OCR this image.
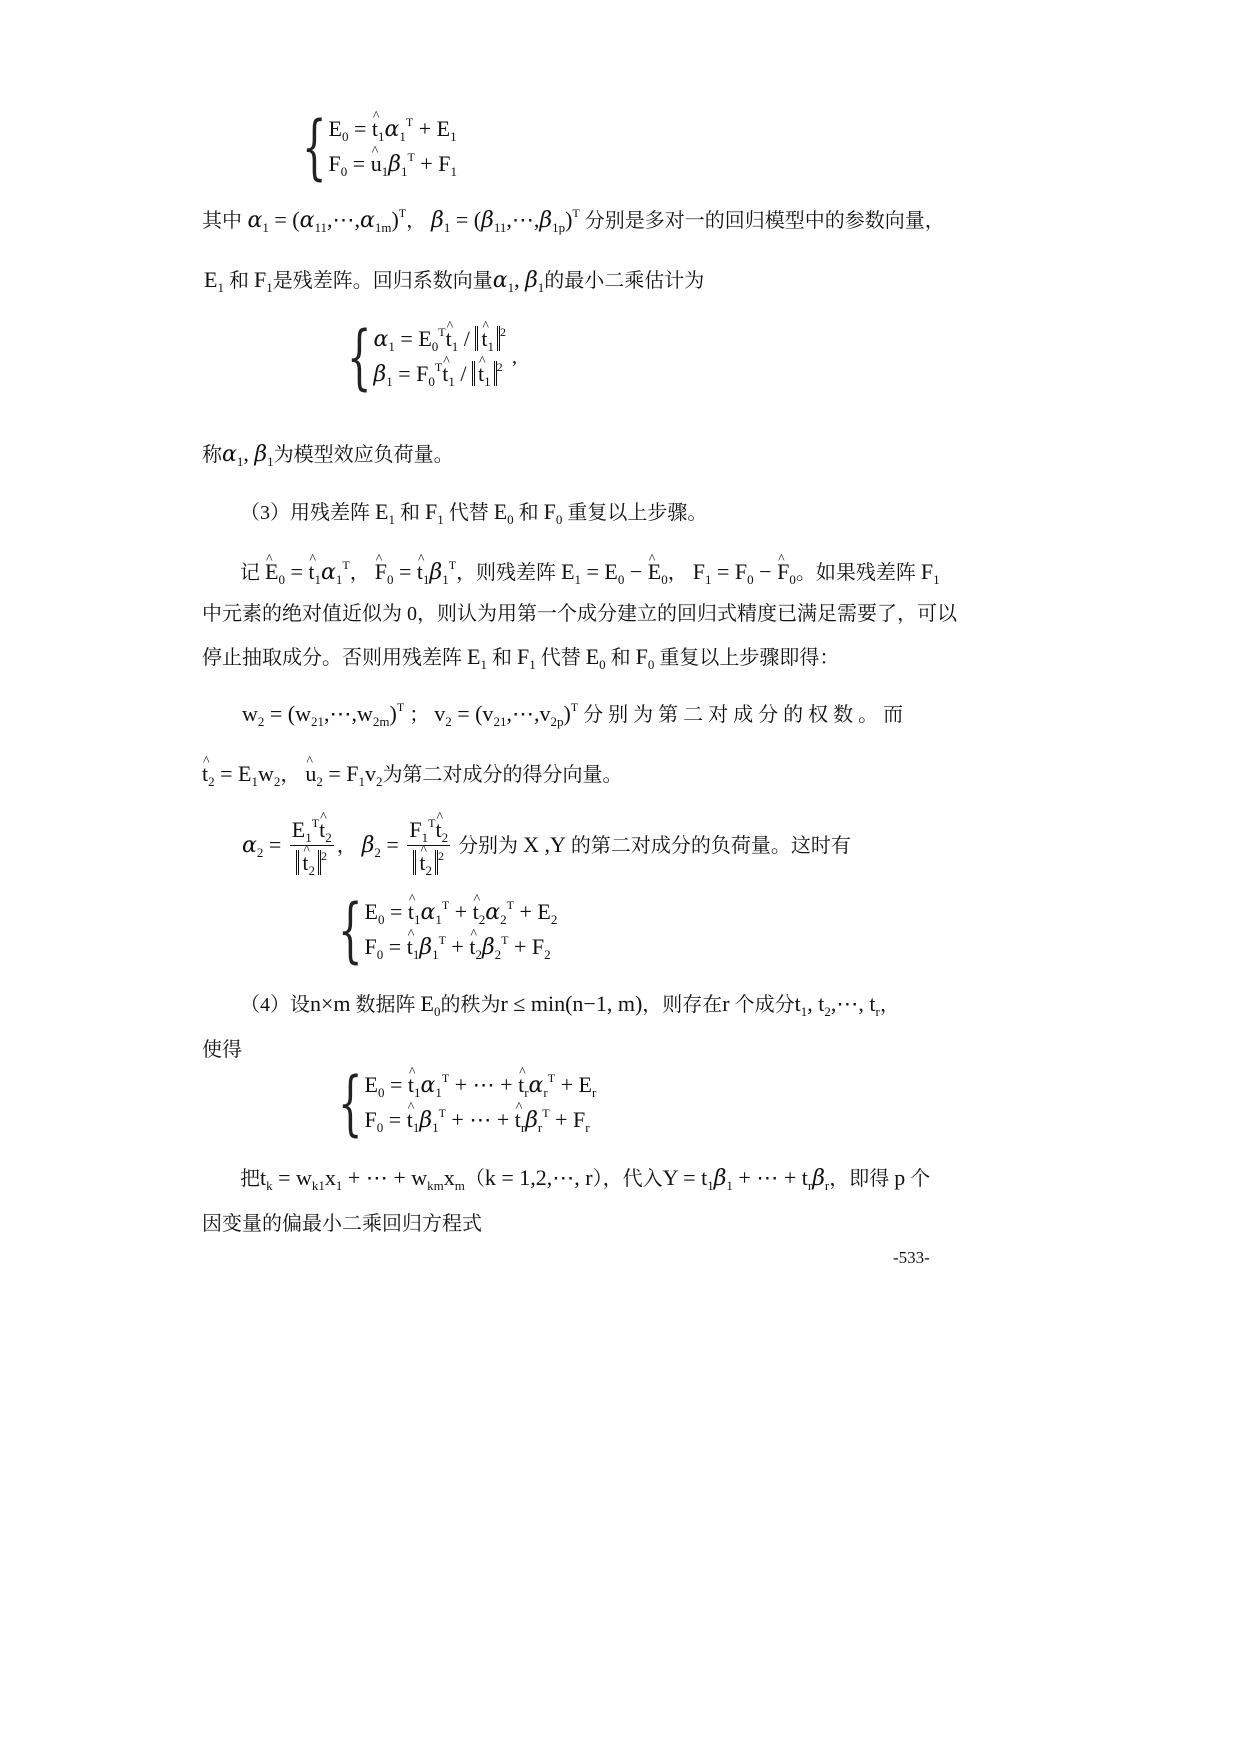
{ $E_0$ = ^ $t_1\alpha_1^T + E_1$
$F_0$ = ^ $u_1\beta_1^T + F_1$
其中 $\alpha_1$ = $(\alpha_{11},\cdots,\alpha_{1m})^T$， $\beta_1$ = $(\beta_{11},\cdots,\beta_{1p})^T$ 分别是多对一的回归模型中的参数向量，
$E_1$ 和 $F_1$是残差阵。回归系数向量$\alpha_1$, $\beta_1$的最小二乘估计为
{ $\alpha_1$ = $E_0^T\^{}$ $t_1$ / ^ $t_1^2$
$\beta_1$ = $F_0^T\^{}$ $t_1$ / ^ $t_1^2$ ,
称$\alpha_1$, $\beta_1$为模型效应负荷量。
（3）用残差阵 $E_1$ 和 $F_1$ 代替 $E_0$ 和 $F_0$ 重复以上步骤。
记 ^ $E_0$ = ^ $t_1\alpha_1^T$， ^ $F_0$ = ^ $t_1\beta_1^T$，则残差阵 $E_1 = E_0$ − ^ $E_0$， $F_1 = F_0$ − ^ $F_0$。如果残差阵 $F_1$
中元素的绝对值近似为 0，则认为用第一个成分建立的回归式精度已满足需要了，可以
停止抽取成分。否则用残差阵 $E_1$ 和 $F_1$ 代替 $E_0$ 和 $F_0$ 重复以上步骤即得：
$w_2$ = $(w_{21},\cdots,w_{2m})^T$ ； $v_2$ = $(v_{21},\cdots,v_{2p})^T$ 分 别 为 第 二 对 成 分 的 权 数 。 而
^ $t_2 = E_1w_2$， ^ $u_2 = F_1v_2$为第二对成分的得分向量。
$\alpha_2$ = $E_1^T\^{}$ $t_2$
^ $t_2^2$ ， $\beta_2$ = $F_1^T\^{}$ $t_2$
^ $t_2^2$ 分别为 X ,Y 的第二对成分的负荷量。这时有
{ $E_0$ = ^ $t_1\alpha_1^T$ + ^ $t_2\alpha_2^T + E_2$
$F_0$ = ^ $t_1\beta_1^T$ + ^ $t_2\beta_2^T + F_2$
（4）设n×m 数据阵 $E_0$的秩为r ≤ min(n−1, m)，则存在r 个成分$t_1$, $t_2,\cdots$, $t_r$，
使得
{ $E_0$ = ^ $t_1\alpha_1^T$ + ⋯ + ^ $t_r\alpha_r^T + E_r$
$F_0$ = ^ $t_1\beta_1^T$ + ⋯ + ^ $t_r\beta_r^T + F_r$
把$t_k = w_{k1}x_1$ + ⋯ + $w_{km}x_m(k$ = 1,2,⋯, r），代入$Y = t_1\beta_1$ + ⋯ + $t_r\beta_r$，即得 p 个
因变量的偏最小二乘回归方程式
-533-
